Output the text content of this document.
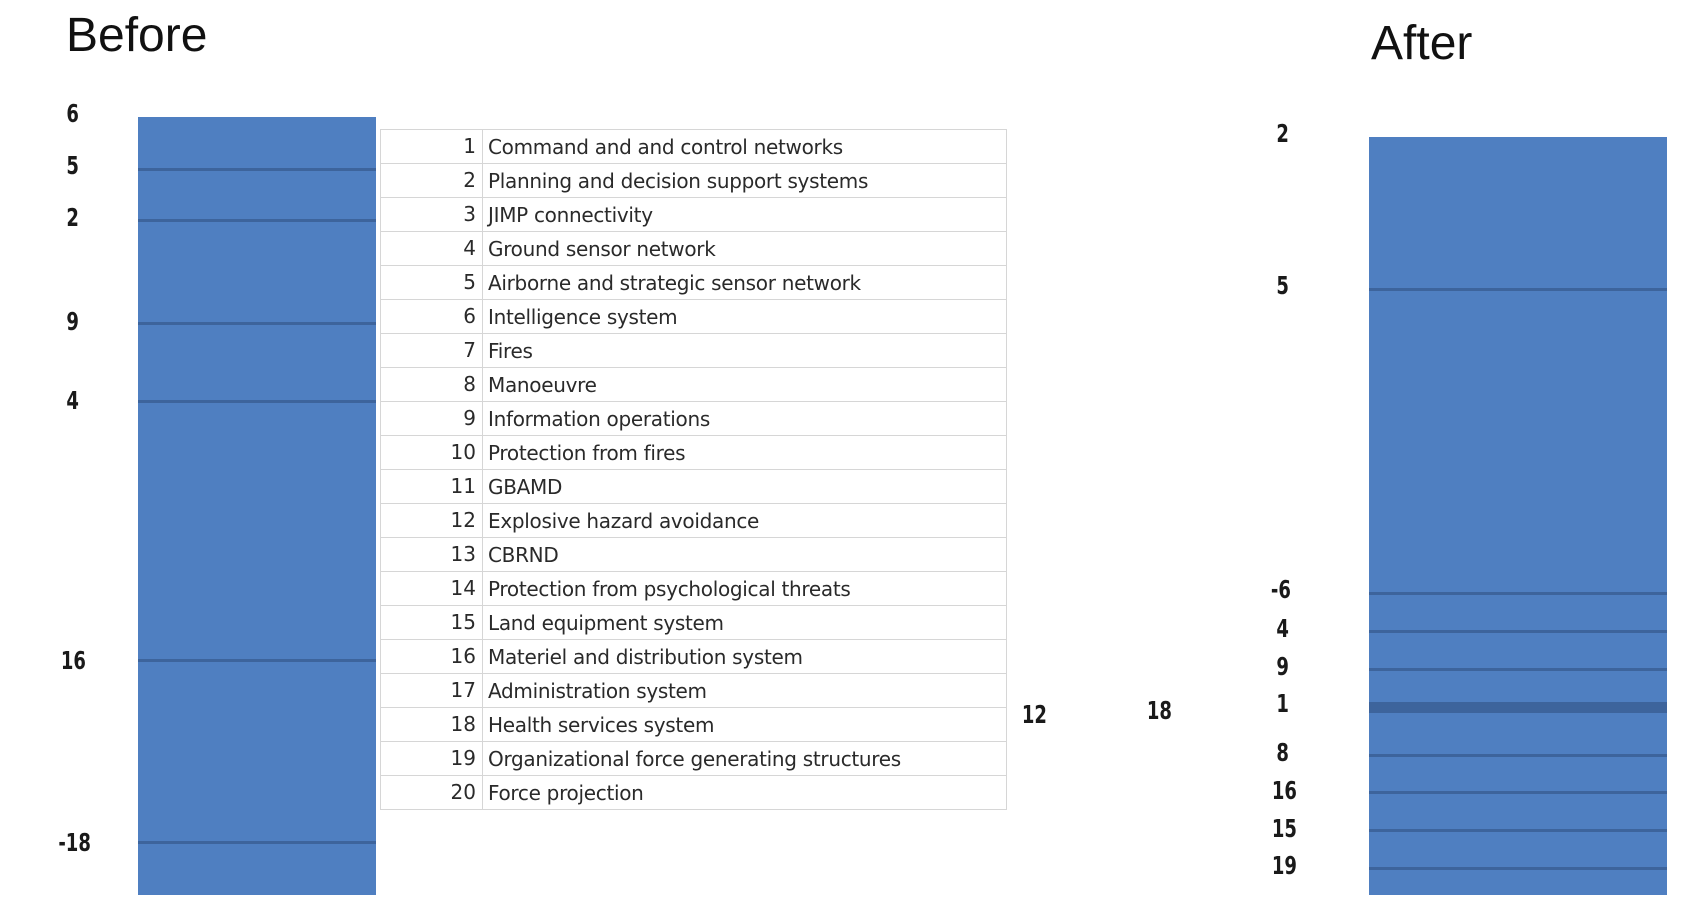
Before	After
6
5
2
9
4
16
-18
1 Command and and control networks
2 Planning and decision support systems
3 JIMP connectivity
4 Ground sensor network
5 Airborne and strategic sensor network
6 Intelligence system
7 Fires
8 Manoeuvre
9 Information operations
10 Protection from fires
11 GBAMD
12 Explosive hazard avoidance
13 CBRND
14 Protection from psychological threats
15 Land equipment system
16 Materiel and distribution system
17 Administration system
18 Health services system
19 Organizational force generating structures
20 Force projection
12	18
2
5
-6
4
9
1
8
16
15
19
